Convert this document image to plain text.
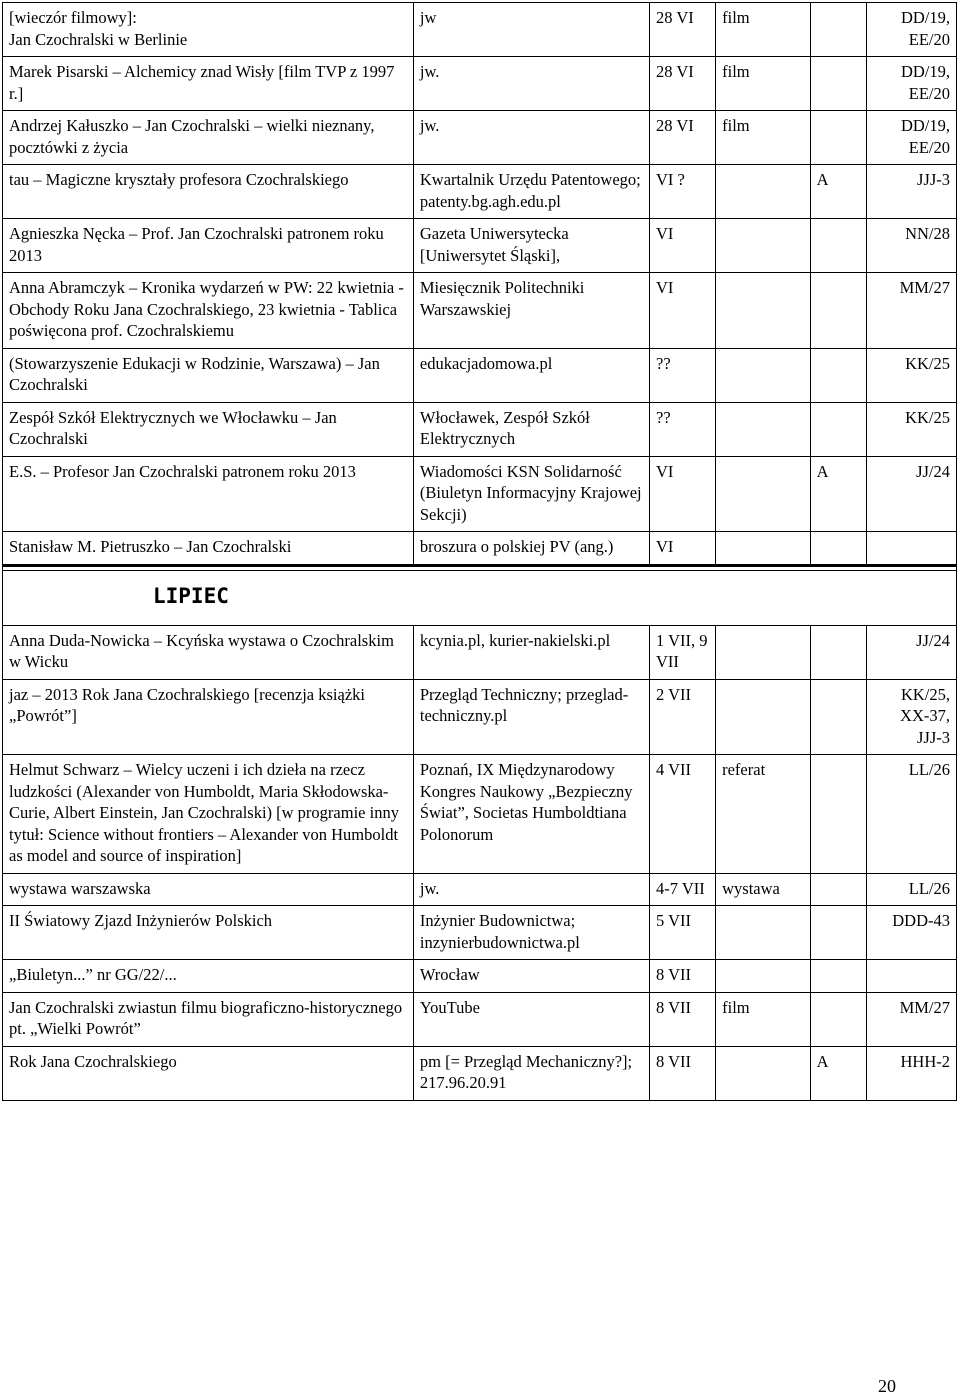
[wieczór filmowy]:
Jan Czochralski w Berlinie	jw	28 VI	film		DD/19, EE/20

Marek Pisarski – Alchemicy znad Wisły [film TVP z 1997 r.]	jw.	28 VI	film		DD/19, EE/20

Andrzej Kałuszko – Jan Czochralski – wielki nieznany, pocztówki z życia	jw.	28 VI	film		DD/19, EE/20

tau – Magiczne kryształy profesora Czochralskiego	Kwartalnik Urzędu Patentowego; patenty.bg.agh.edu.pl	VI ?		A	JJJ-3

Agnieszka Nęcka – Prof. Jan Czochralski patronem roku 2013	Gazeta Uniwersytecka [Uniwersytet Śląski],	VI			NN/28

Anna Abramczyk – Kronika wydarzeń w PW: 22 kwietnia - Obchody Roku Jana Czochralskiego, 23 kwietnia - Tablica poświęcona prof. Czochralskiemu	Miesięcznik Politechniki Warszawskiej	VI			MM/27

(Stowarzyszenie Edukacji w Rodzinie, Warszawa) – Jan Czochralski	edukacjadomowa.pl	??			KK/25

Zespół Szkół Elektrycznych we Włocławku – Jan Czochralski	Włocławek, Zespół Szkół Elektrycznych	??			KK/25

E.S. – Profesor Jan Czochralski patronem roku 2013	Wiadomości KSN Solidarność (Biuletyn Informacyjny Krajowej Sekcji)	VI		A	JJ/24

Stanisław M. Pietruszko – Jan Czochralski	broszura o polskiej PV (ang.)	VI			

LIPIEC					

Anna Duda-Nowicka – Kcyńska wystawa o Czochralskim w Wicku	kcynia.pl, kurier-nakielski.pl	1 VII, 9 VII			JJ/24

jaz – 2013 Rok Jana Czochralskiego [recenzja książki „Powrót”]	Przegląd Techniczny; przeglad-techniczny.pl	2 VII			KK/25, XX-37, JJJ-3

Helmut Schwarz – Wielcy uczeni i ich dzieła na rzecz ludzkości (Alexander von Humboldt, Maria Skłodowska-Curie, Albert Einstein, Jan Czochralski) [w programie inny tytuł: Science without frontiers – Alexander von Humboldt as model and source of inspiration]	Poznań, IX Międzynarodowy Kongres Naukowy „Bezpieczny Świat”, Societas Humboldtiana Polonorum	4 VII	referat		LL/26

wystawa warszawska	jw.	4-7 VII	wystawa		LL/26

II Światowy Zjazd Inżynierów Polskich	Inżynier Budownictwa; inzynierbudownictwa.pl	5 VII			DDD-43

„Biuletyn...” nr GG/22/...	Wrocław	8 VII			

Jan Czochralski zwiastun filmu biograficzno-historycznego pt. „Wielki Powrót”	YouTube	8 VII	film		MM/27

Rok Jana Czochralskiego	pm [= Przegląd Mechaniczny?]; 217.96.20.91	8 VII		A	HHH-2
20
